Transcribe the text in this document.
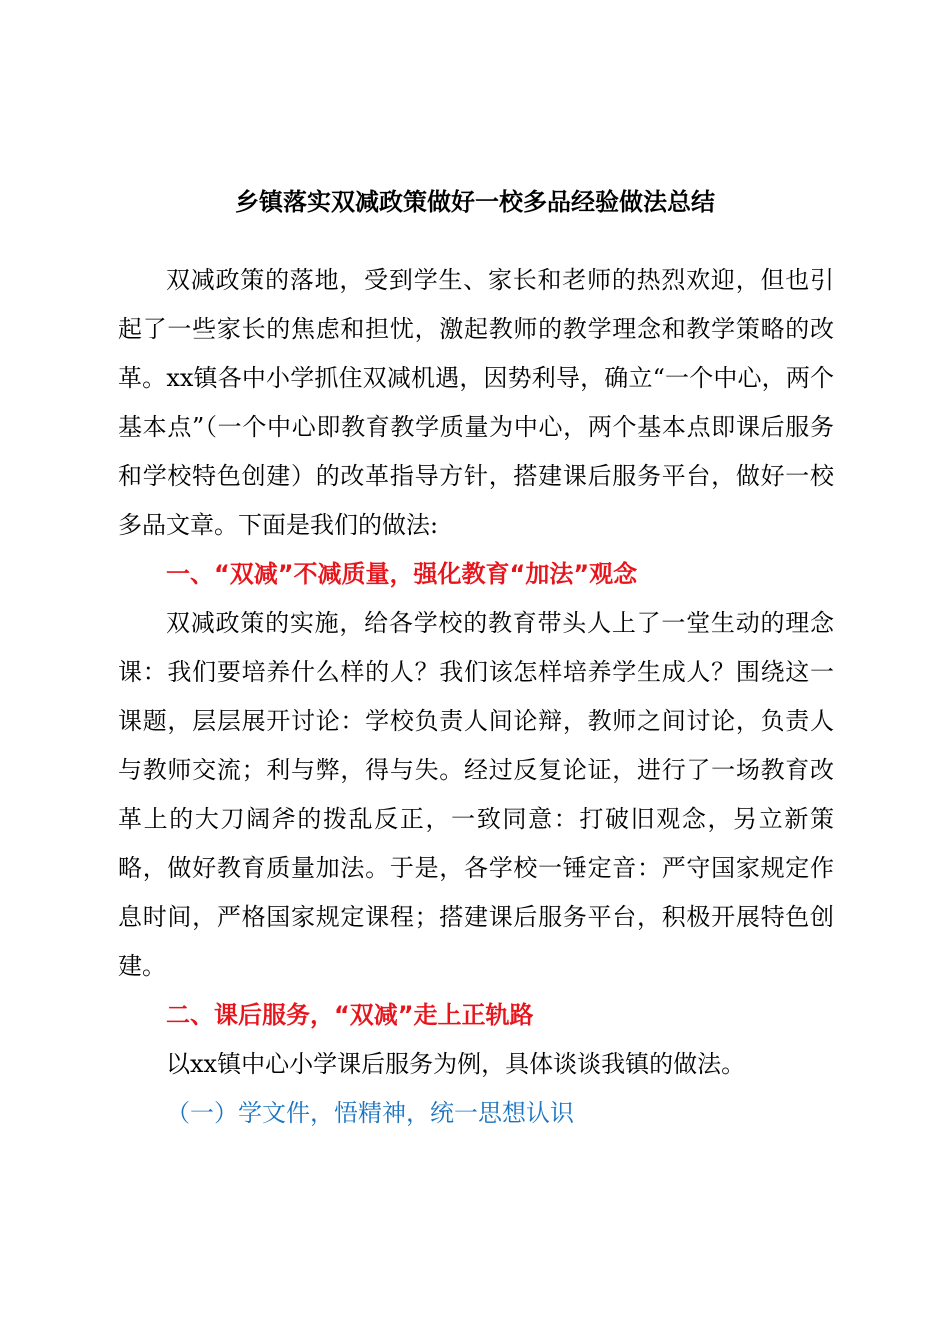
乡镇落实双减政策做好一校多品经验做法总结

双减政策的落地，受到学生、家长和老师的热烈欢迎，但也引起了一些家长的焦虑和担忧，激起教师的教学理念和教学策略的改革。xx镇各中小学抓住双减机遇，因势利导，确立“一个中心，两个基本点”（一个中心即教育教学质量为中心，两个基本点即课后服务和学校特色创建）的改革指导方针，搭建课后服务平台，做好一校多品文章。下面是我们的做法:

一、“双减”不减质量，强化教育“加法”观念

双减政策的实施，给各学校的教育带头人上了一堂生动的理念课：我们要培养什么样的人？我们该怎样培养学生成人？围绕这一课题，层层展开讨论：学校负责人间论辩，教师之间讨论，负责人与教师交流；利与弊，得与失。经过反复论证，进行了一场教育改革上的大刀阔斧的拨乱反正，一致同意：打破旧观念，另立新策略，做好教育质量加法。于是，各学校一锤定音：严守国家规定作息时间，严格国家规定课程；搭建课后服务平台，积极开展特色创建。

二、课后服务，“双减”走上正轨路

以xx镇中心小学课后服务为例，具体谈谈我镇的做法。

（一）学文件，悟精神，统一思想认识
